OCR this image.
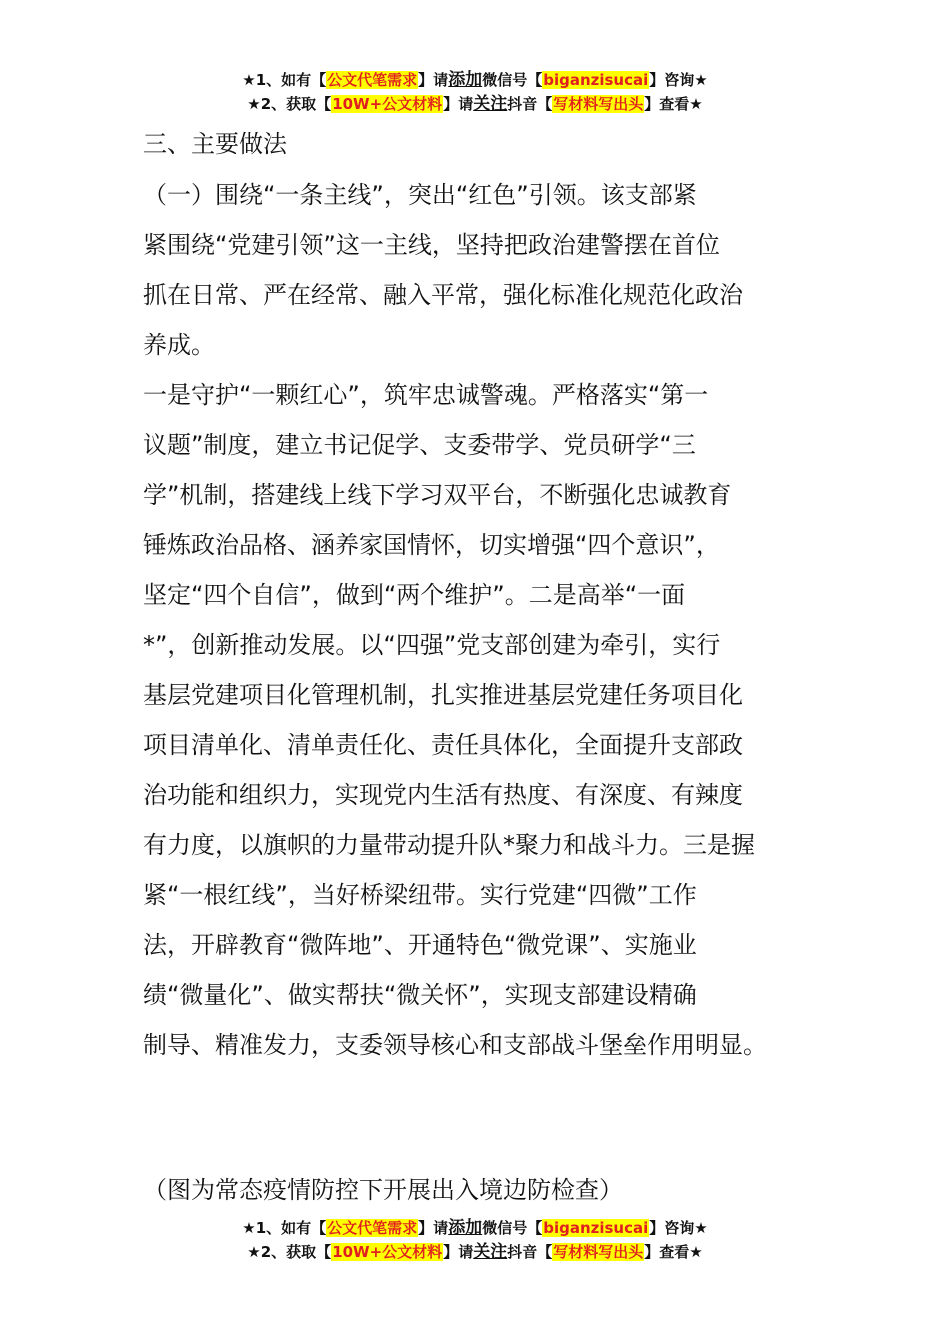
★1、如有【公文代笔需求】请添加微信号【biganzisucai】咨询★
★2、获取【10W+公文材料】请关注抖音【写材料写出头】查看★
三、主要做法
（一）围绕“一条主线”，突出“红色”引领。该支部紧
紧围绕“党建引领”这一主线，坚持把政治建警摆在首位
抓在日常、严在经常、融入平常，强化标准化规范化政治
养成。
一是守护“一颗红心”，筑牢忠诚警魂。严格落实“第一
议题”制度，建立书记促学、支委带学、党员研学“三
学”机制，搭建线上线下学习双平台，不断强化忠诚教育
锤炼政治品格、涵养家国情怀，切实增强“四个意识”，
坚定“四个自信”，做到“两个维护”。二是高举“一面
*”，创新推动发展。以“四强”党支部创建为牵引，实行
基层党建项目化管理机制，扎实推进基层党建任务项目化
项目清单化、清单责任化、责任具体化，全面提升支部政
治功能和组织力，实现党内生活有热度、有深度、有辣度
有力度，以旗帜的力量带动提升队*聚力和战斗力。三是握
紧“一根红线”，当好桥梁纽带。实行党建“四微”工作
法，开辟教育“微阵地”、开通特色“微党课”、实施业
绩“微量化”、做实帮扶“微关怀”，实现支部建设精确
制导、精准发力，支委领导核心和支部战斗堡垒作用明显。
（图为常态疫情防控下开展出入境边防检查）
★1、如有【公文代笔需求】请添加微信号【biganzisucai】咨询★
★2、获取【10W+公文材料】请关注抖音【写材料写出头】查看★
